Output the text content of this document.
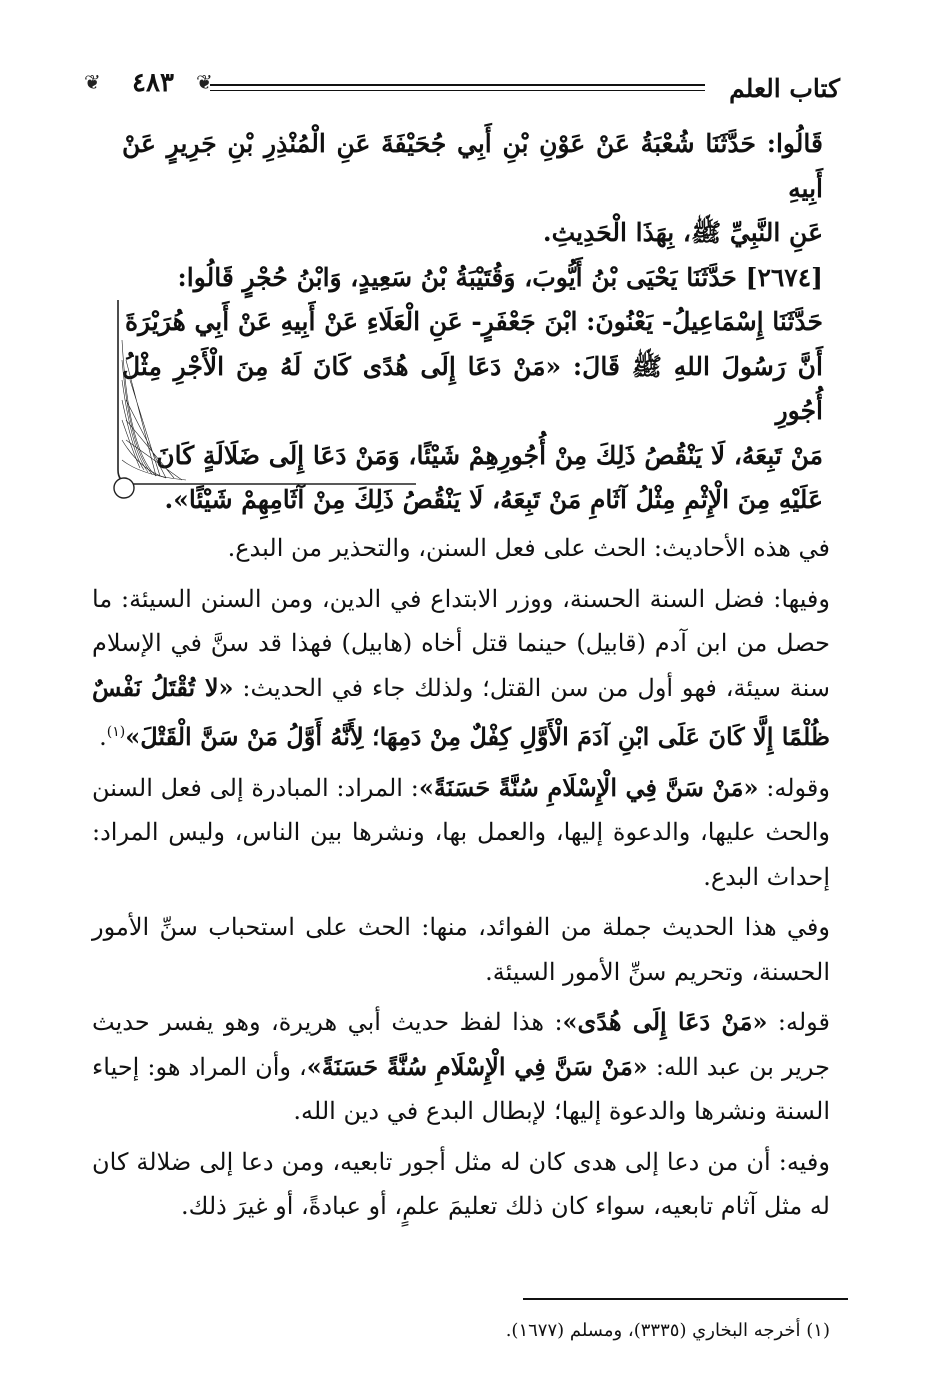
كتاب العلم
❦
٤٨٣
❦

قَالُوا: حَدَّثَنَا شُعْبَةُ عَنْ عَوْنِ بْنِ أَبِي جُحَيْفَةَ عَنِ الْمُنْذِرِ بْنِ جَرِيرٍ عَنْ أَبِيهِ

عَنِ النَّبِيِّ ﷺ، بِهَذَا الْحَدِيثِ.

[٢٦٧٤] حَدَّثَنَا يَحْيَى بْنُ أَيُّوبَ، وَقُتَيْبَةُ بْنُ سَعِيدٍ، وَابْنُ حُجْرٍ قَالُوا:

حَدَّثَنَا إِسْمَاعِيلُ- يَعْنُونَ: ابْنَ جَعْفَرٍ- عَنِ الْعَلَاءِ عَنْ أَبِيهِ عَنْ أَبِي هُرَيْرَةَ

أَنَّ رَسُولَ اللهِ ﷺ قَالَ: «مَنْ دَعَا إِلَى هُدًى كَانَ لَهُ مِنَ الْأَجْرِ مِثْلُ أُجُورِ

مَنْ تَبِعَهُ، لَا يَنْقُصُ ذَلِكَ مِنْ أُجُورِهِمْ شَيْئًا، وَمَنْ دَعَا إِلَى ضَلَالَةٍ كَانَ

عَلَيْهِ مِنَ الْإِثْمِ مِثْلُ آثَامِ مَنْ تَبِعَهُ، لَا يَنْقُصُ ذَلِكَ مِنْ آثَامِهِمْ شَيْئًا».

في هذه الأحاديث: الحث على فعل السنن، والتحذير من البدع.

وفيها: فضل السنة الحسنة، ووزر الابتداع في الدين، ومن السنن السيئة: ما حصل من ابن آدم (قابيل) حينما قتل أخاه (هابيل) فهذا قد سنَّ في الإسلام سنة سيئة، فهو أول من سن القتل؛ ولذلك جاء في الحديث: «لا تُقْتَلُ نَفْسٌ ظُلْمًا إِلَّا كَانَ عَلَى ابْنِ آدَمَ الْأَوَّلِ كِفْلٌ مِنْ دَمِهَا؛ لِأَنَّهُ أَوَّلُ مَنْ سَنَّ الْقَتْلَ»$^{(١)}$.

وقوله: «مَنْ سَنَّ فِي الْإِسْلَامِ سُنَّةً حَسَنَةً»: المراد: المبادرة إلى فعل السنن والحث عليها، والدعوة إليها، والعمل بها، ونشرها بين الناس، وليس المراد: إحداث البدع.

وفي هذا الحديث جملة من الفوائد، منها: الحث على استحباب سنِّ الأمور الحسنة، وتحريم سنِّ الأمور السيئة.

قوله: «مَنْ دَعَا إِلَى هُدًى»: هذا لفظ حديث أبي هريرة، وهو يفسر حديث جرير بن عبد الله: «مَنْ سَنَّ فِي الْإِسْلَامِ سُنَّةً حَسَنَةً»، وأن المراد هو: إحياء السنة ونشرها والدعوة إليها؛ لإبطال البدع في دين الله.

وفيه: أن من دعا إلى هدى كان له مثل أجور تابعيه، ومن دعا إلى ضلالة كان له مثل آثام تابعيه، سواء كان ذلك تعليمَ علمٍ، أو عبادةً، أو غيرَ ذلك.

(١) أخرجه البخاري (٣٣٣٥)، ومسلم (١٦٧٧).
